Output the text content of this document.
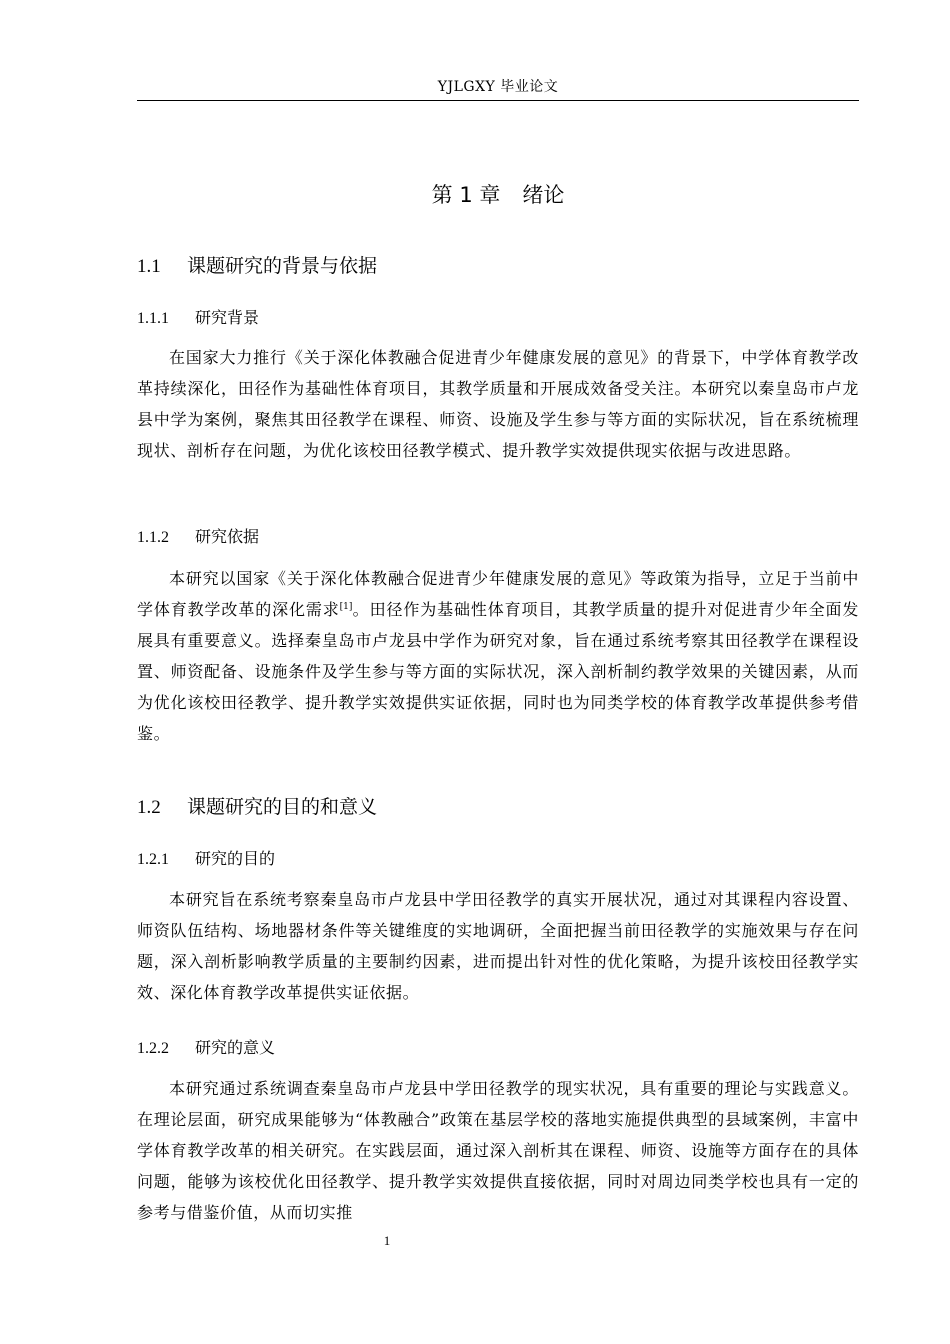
YJLGXY 毕业论文
第 1 章 绪论
1.1 课题研究的背景与依据
1.1.1 研究背景

在国家大力推行《关于深化体教融合促进青少年健康发展的意见》的背景下，中学体育教学改革持续深化，田径作为基础性体育项目，其教学质量和开展成效备受关注。本研究以秦皇岛市卢龙县中学为案例，聚焦其田径教学在课程、师资、设施及学生参与等方面的实际状况，旨在系统梳理现状、剖析存在问题，为优化该校田径教学模式、提升教学实效提供现实依据与改进思路。

1.1.2 研究依据

本研究以国家《关于深化体教融合促进青少年健康发展的意见》等政策为指导，立足于当前中学体育教学改革的深化需求[1]。田径作为基础性体育项目，其教学质量的提升对促进青少年全面发展具有重要意义。选择秦皇岛市卢龙县中学作为研究对象，旨在通过系统考察其田径教学在课程设置、师资配备、设施条件及学生参与等方面的实际状况，深入剖析制约教学效果的关键因素，从而为优化该校田径教学、提升教学实效提供实证依据，同时也为同类学校的体育教学改革提供参考借鉴。

1.2 课题研究的目的和意义
1.2.1 研究的目的

本研究旨在系统考察秦皇岛市卢龙县中学田径教学的真实开展状况，通过对其课程内容设置、师资队伍结构、场地器材条件等关键维度的实地调研，全面把握当前田径教学的实施效果与存在问题，深入剖析影响教学质量的主要制约因素，进而提出针对性的优化策略，为提升该校田径教学实效、深化体育教学改革提供实证依据。

1.2.2 研究的意义

本研究通过系统调查秦皇岛市卢龙县中学田径教学的现实状况，具有重要的理论与实践意义。在理论层面，研究成果能够为“体教融合”政策在基层学校的落地实施提供典型的县域案例，丰富中学体育教学改革的相关研究。在实践层面，通过深入剖析其在课程、师资、设施等方面存在的具体问题，能够为该校优化田径教学、提升教学实效提供直接依据，同时对周边同类学校也具有一定的参考与借鉴价值，从而切实推

1
